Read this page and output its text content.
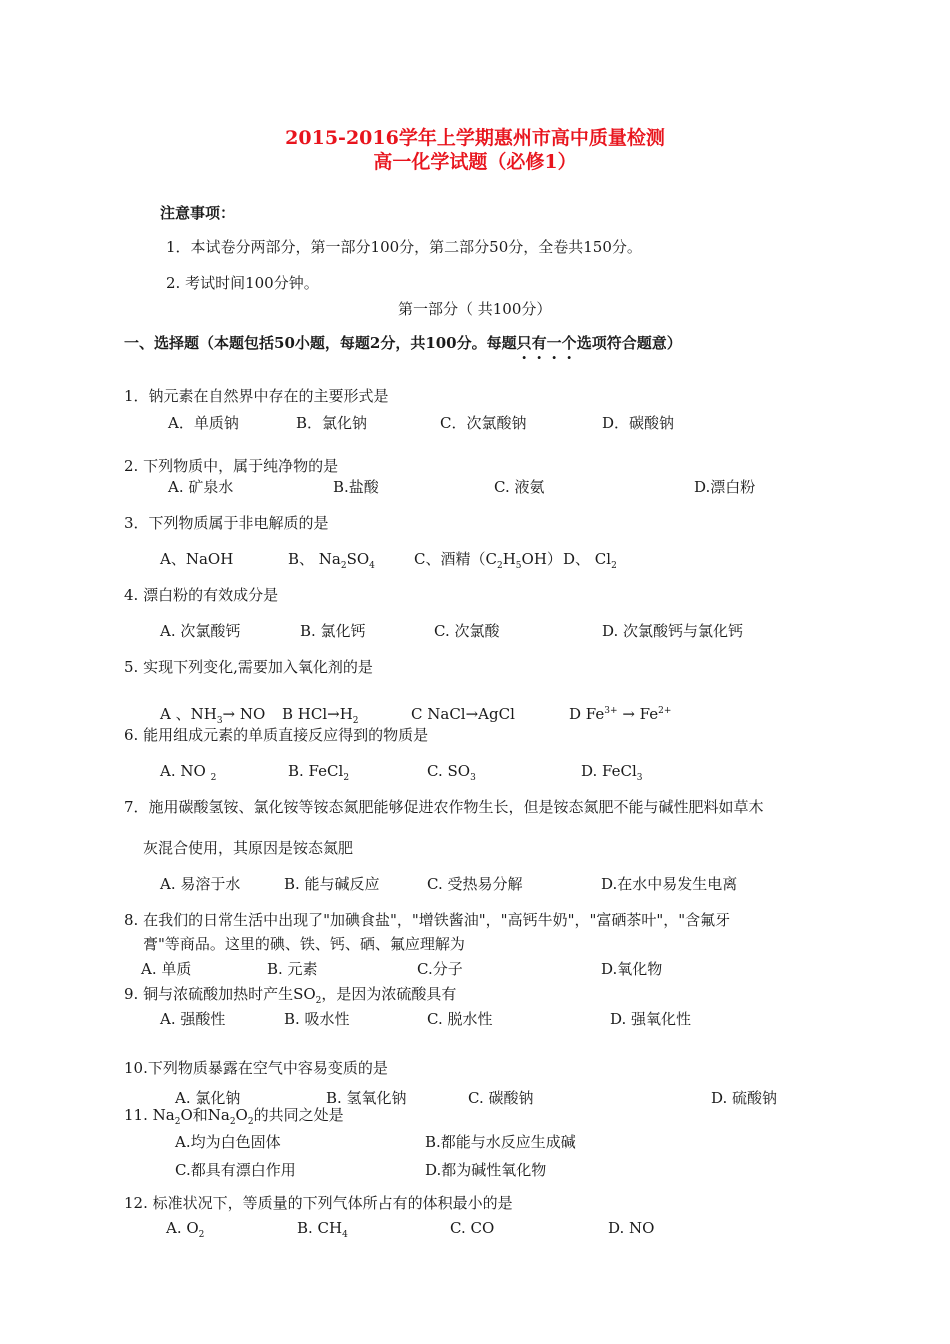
2015-2016学年上学期惠州市高中质量检测
高一化学试题（必修1）
注意事项：
1．本试卷分两部分，第一部分100分，第二部分50分，全卷共150分。
2. 考试时间100分钟。
第一部分（ 共100分）
一、选择题（本题包括50小题，每题2分，共100分。每题只有一个选项符合题意）
1．钠元素在自然界中存在的主要形式是
A．单质钠	B．氯化钠	C．次氯酸钠	D．碳酸钠
2. 下列物质中，属于纯净物的是
A. 矿泉水	B.盐酸	C. 液氨	D.漂白粉
3．下列物质属于非电解质的是
A、NaOH	B、 $Na_2SO_4$	C、酒精$(C_2H_5OH)$ D、 $Cl_2$
4. 漂白粉的有效成分是
A. 次氯酸钙	B. 氯化钙	C. 次氯酸	D. 次氯酸钙与氯化钙
5. 实现下列变化,需要加入氧化剂的是
A 、$NH_3\to$ NO B $HCl\to H_2$	C NaCl→AgCl	D $Fe^{3+} \to Fe^{2+}$
6. 能用组成元素的单质直接反应得到的物质是
A. NO $_2$	B. FeCl$_2$	C. $SO_3$	D. FeCl$_3$
7．施用碳酸氢铵、氯化铵等铵态氮肥能够促进农作物生长，但是铵态氮肥不能与碱性肥料如草木
灰混合使用，其原因是铵态氮肥
A. 易溶于水	B. 能与碱反应	C. 受热易分解	D.在水中易发生电离
8. 在我们的日常生活中出现了"加碘食盐"，"增铁酱油"，"高钙牛奶"，"富硒茶叶"，"含氟牙
膏"等商品。这里的碘、铁、钙、硒、氟应理解为
A. 单质	B. 元素	C.分子	D.氧化物
9. 铜与浓硫酸加热时产生$SO_2$，是因为浓硫酸具有
A. 强酸性	B. 吸水性	C. 脱水性	D. 强氧化性
10.下列物质暴露在空气中容易变质的是
A. 氯化钠	B. 氢氧化钠	C. 碳酸钠	D. 硫酸钠
11. $Na_2O$和$Na_2O_2$的共同之处是
A.均为白色固体	B.都能与水反应生成碱
C.都具有漂白作用	D.都为碱性氧化物
12. 标准状况下，等质量的下列气体所占有的体积最小的是
A. $O_2$	B. $CH_4$	C. CO	D. NO
